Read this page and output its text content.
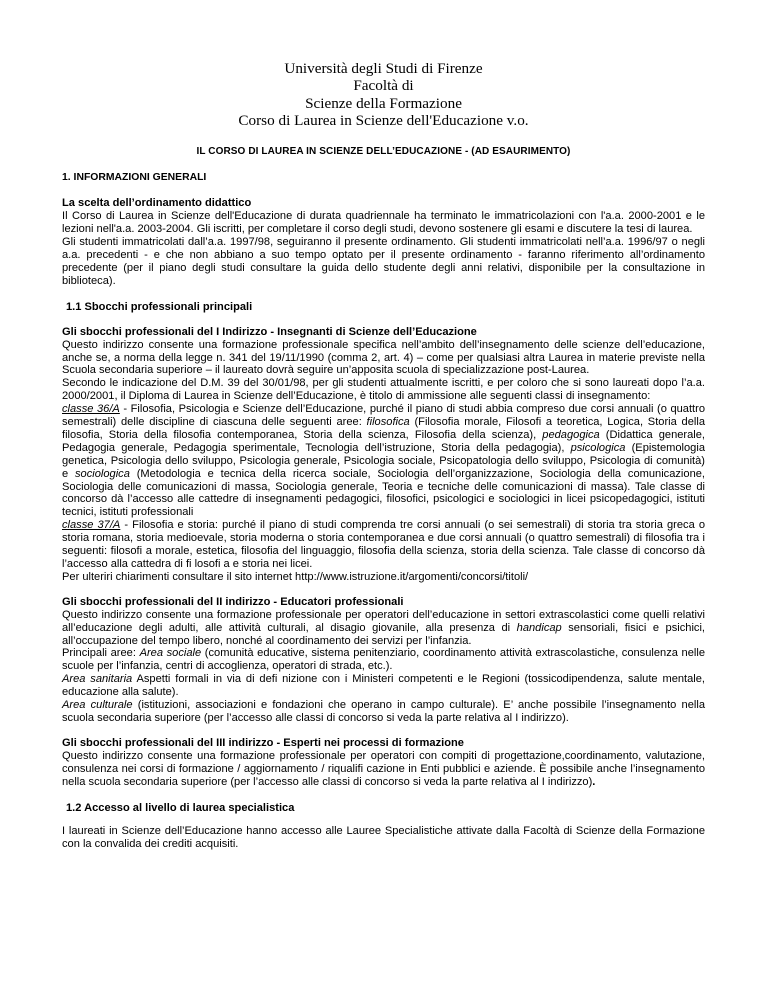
Università degli Studi di Firenze
Facoltà di
Scienze della Formazione
Corso di Laurea in Scienze dell'Educazione v.o.
IL CORSO DI LAUREA IN SCIENZE DELL’EDUCAZIONE - (AD ESAURIMENTO)
1. INFORMAZIONI GENERALI
La scelta dell’ordinamento didattico

Il Corso di Laurea in Scienze dell'Educazione di durata quadriennale ha terminato le immatricolazioni con l'a.a. 2000-2001 e le lezioni nell'a.a. 2003-2004. Gli iscritti, per completare il corso degli studi, devono sostenere gli esami e discutere la tesi di laurea.

Gli studenti immatricolati dall’a.a. 1997/98, seguiranno il presente ordinamento. Gli studenti immatricolati nell’a.a. 1996/97 o negli a.a. precedenti - e che non abbiano a suo tempo optato per il presente ordinamento - faranno riferimento all’ordinamento precedente (per il piano degli studi consultare la guida dello studente degli anni relativi, disponibile per la consultazione in biblioteca).

1.1 Sbocchi professionali principali
Gli sbocchi professionali del I Indirizzo - Insegnanti di Scienze dell’Educazione

Questo indirizzo consente una formazione professionale specifica nell’ambito dell’insegnamento delle scienze dell’educazione, anche se, a norma della legge n. 341 del 19/11/1990 (comma 2, art. 4) – come per qualsiasi altra Laurea in materie previste nella Scuola secondaria superiore – il laureato dovrà seguire un’apposita scuola di specializzazione post-Laurea.

Secondo le indicazione del D.M. 39 del 30/01/98, per gli studenti attualmente iscritti, e per coloro che si sono laureati dopo l’a.a. 2000/2001, il Diploma di Laurea in Scienze dell’Educazione, è titolo di ammissione alle seguenti classi di insegnamento:

classe 36/A - Filosofia, Psicologia e Scienze dell’Educazione, purché il piano di studi abbia compreso due corsi annuali (o quattro semestrali) delle discipline di ciascuna delle seguenti aree: filosofica (Filosofia morale, Filosofi a teoretica, Logica, Storia della filosofia, Storia della filosofia contemporanea, Storia della scienza, Filosofia della scienza), pedagogica (Didattica generale, Pedagogia generale, Pedagogia sperimentale, Tecnologia dell’istruzione, Storia della pedagogia), psicologica (Epistemologia genetica, Psicologia dello sviluppo, Psicologia generale, Psicologia sociale, Psicopatologia dello sviluppo, Psicologia di comunità) e sociologica (Metodologia e tecnica della ricerca sociale, Sociologia dell’organizzazione, Sociologia della comunicazione, Sociologia delle comunicazioni di massa, Sociologia generale, Teoria e tecniche delle comunicazioni di massa). Tale classe di concorso dà l’accesso alle cattedre di insegnamenti pedagogici, filosofici, psicologici e sociologici in licei psicopedagogici, istituti tecnici, istituti professionali

classe 37/A - Filosofia e storia: purché il piano di studi comprenda tre corsi annuali (o sei semestrali) di storia tra storia greca o storia romana, storia medioevale, storia moderna o storia contemporanea e due corsi annuali (o quattro semestrali) di filosofia tra i seguenti: filosofi a morale, estetica, filosofia del linguaggio, filosofia della scienza, storia della scienza. Tale classe di concorso dà l’accesso alla cattedra di fi losofi a e storia nei licei.

Per ulteriri chiarimenti consultare il sito internet http://www.istruzione.it/argomenti/concorsi/titoli/

Gli sbocchi professionali del II indirizzo - Educatori professionali

Questo indirizzo consente una formazione professionale per operatori dell’educazione in settori extrascolastici come quelli relativi all’educazione degli adulti, alle attività culturali, al disagio giovanile, alla presenza di handicap sensoriali, fisici e psichici, all’occupazione del tempo libero, nonché al coordinamento dei servizi per l’infanzia.

Principali aree: Area sociale (comunità educative, sistema penitenziario, coordinamento attività extrascolastiche, consulenza nelle scuole per l’infanzia, centri di accoglienza, operatori di strada, etc.).

Area sanitaria Aspetti formali in via di defi nizione con i Ministeri competenti e le Regioni (tossicodipendenza, salute mentale, educazione alla salute).

Area culturale (istituzioni, associazioni e fondazioni che operano in campo culturale). E’ anche possibile l’insegnamento nella scuola secondaria superiore (per l’accesso alle classi di concorso si veda la parte relativa al I indirizzo).

Gli sbocchi professionali del III indirizzo - Esperti nei processi di formazione

Questo indirizzo consente una formazione professionale per operatori con compiti di progettazione,coordinamento, valutazione, consulenza nei corsi di formazione / aggiornamento / riqualifi cazione in Enti pubblici e aziende. È possibile anche l’insegnamento nella scuola secondaria superiore (per l’accesso alle classi di concorso si veda la parte relativa al I indirizzo).

1.2 Accesso al livello di laurea specialistica

I laureati in Scienze dell’Educazione hanno accesso alle Lauree Specialistiche attivate dalla Facoltà di Scienze della Formazione con la convalida dei crediti acquisiti.
